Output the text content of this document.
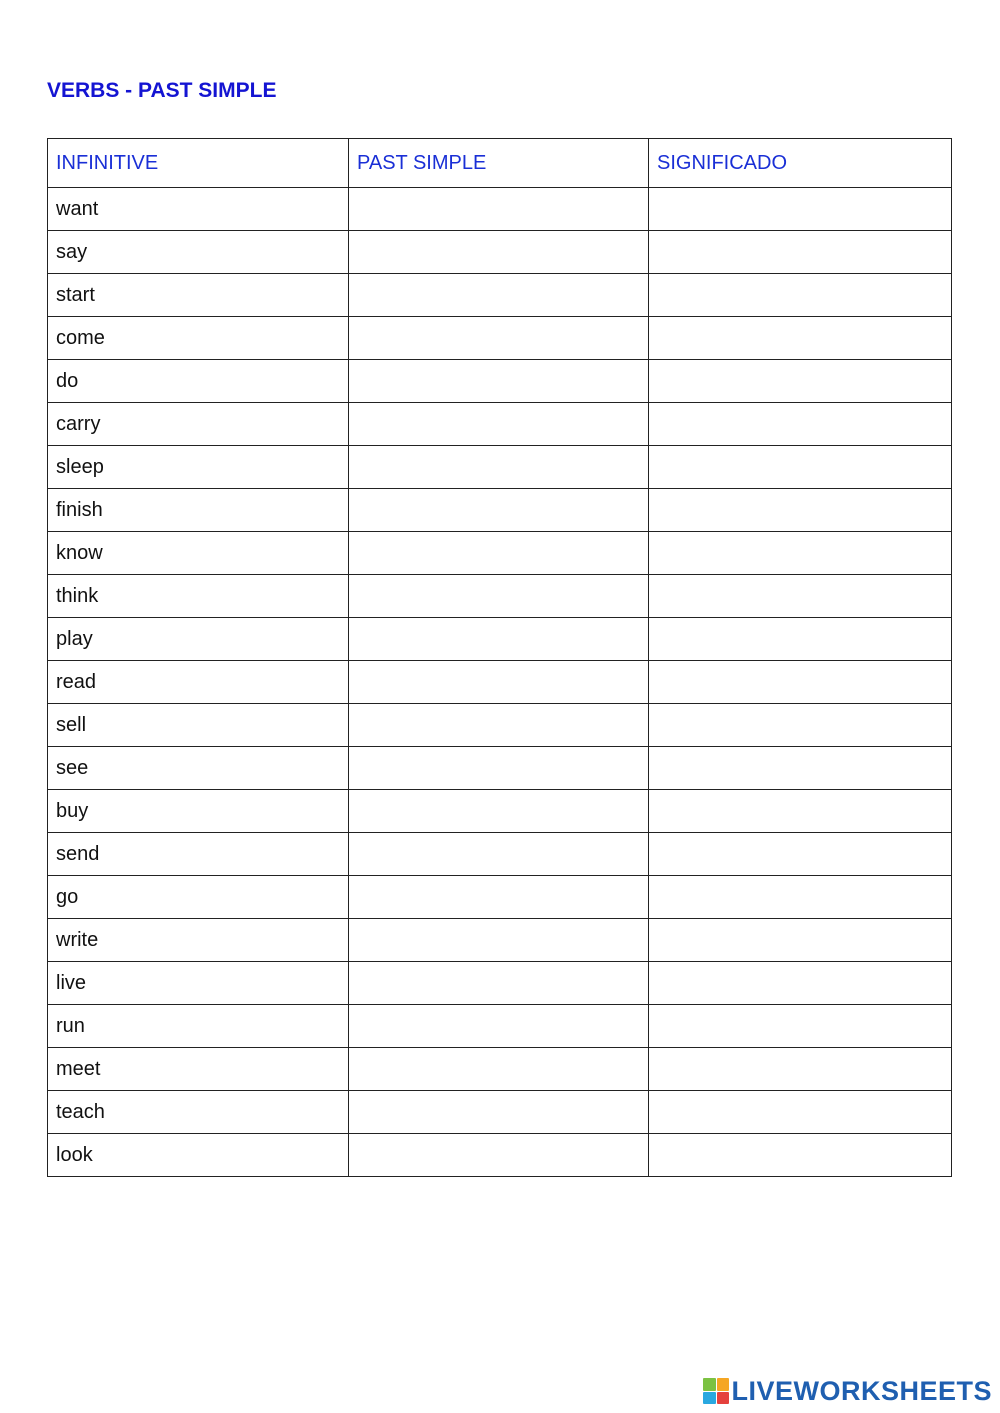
VERBS - PAST SIMPLE
INFINITIVE	PAST SIMPLE	SIGNIFICADO
want		
say		
start		
come		
do		
carry		
sleep		
finish		
know		
think		
play		
read		
sell		
see		
buy		
send		
go		
write		
live		
run		
meet		
teach		
look		
LIVEWORKSHEETS
